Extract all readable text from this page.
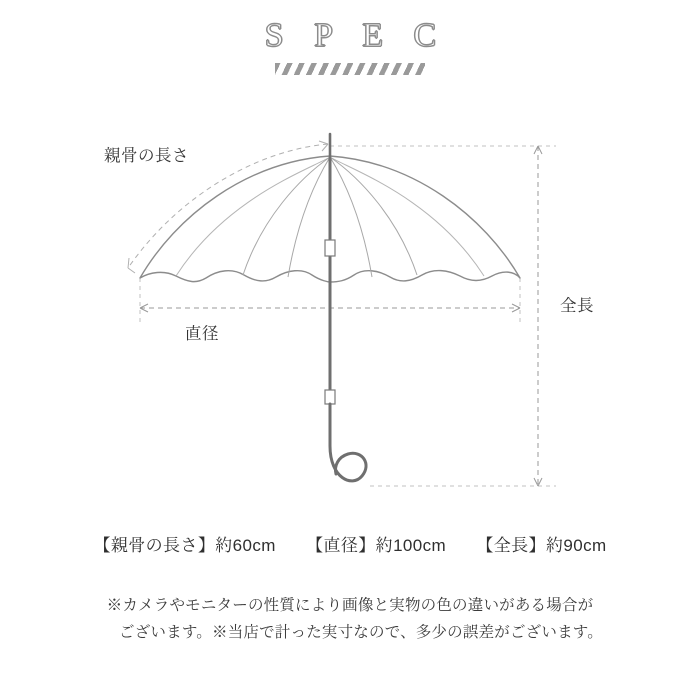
S P E C
親骨の長さ
直径
全長
【親骨の長さ】約60cm 【直径】約100cm 【全長】約90cm
※カメラやモニターの性質により画像と実物の色の違いがある場合が
ございます。※当店で計った実寸なので、多少の誤差がございます。
